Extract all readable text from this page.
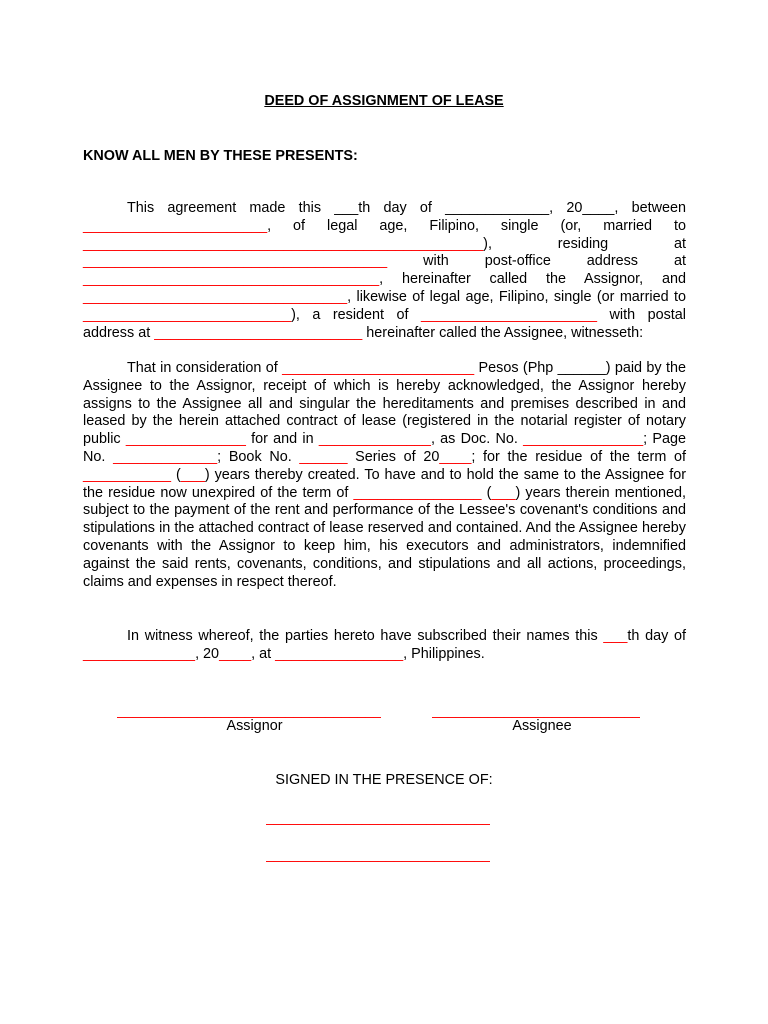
DEED OF ASSIGNMENT OF LEASE
KNOW ALL MEN BY THESE PRESENTS:

This agreement made this ___th day of _____________, 20____, between _______________________, of legal age, Filipino, single (or, married to __________________________________________________), residing at ______________________________________ with post-office address at _____________________________________, hereinafter called the Assignor, and _________________________________, likewise of legal age, Filipino, single (or married to __________________________), a resident of ______________________ with postal address at __________________________ hereinafter called the Assignee, witnesseth:

That in consideration of ________________________ Pesos (Php ______) paid by the Assignee to the Assignor, receipt of which is hereby acknowledged, the Assignor hereby assigns to the Assignee all and singular the hereditaments and premises described in and leased by the herein attached contract of lease (registered in the notarial register of notary public _______________ for and in ______________, as Doc. No. _______________; Page No. _____________; Book No. ______ Series of 20____; for the residue of the term of ___________ (___) years thereby created. To have and to hold the same to the Assignee for the residue now unexpired of the term of ________________ (___) years therein mentioned, subject to the payment of the rent and performance of the Lessee's covenant's conditions and stipulations in the attached contract of lease reserved and contained. And the Assignee hereby covenants with the Assignor to keep him, his executors and administrators, indemnified against the said rents, covenants, conditions, and stipulations and all actions, proceedings, claims and expenses in respect thereof.

In witness whereof, the parties hereto have subscribed their names this ___th day of ______________, 20____, at ________________, Philippines.

_________________________________
Assignor
__________________________
Assignee
SIGNED IN THE PRESENCE OF:
____________________________
____________________________
